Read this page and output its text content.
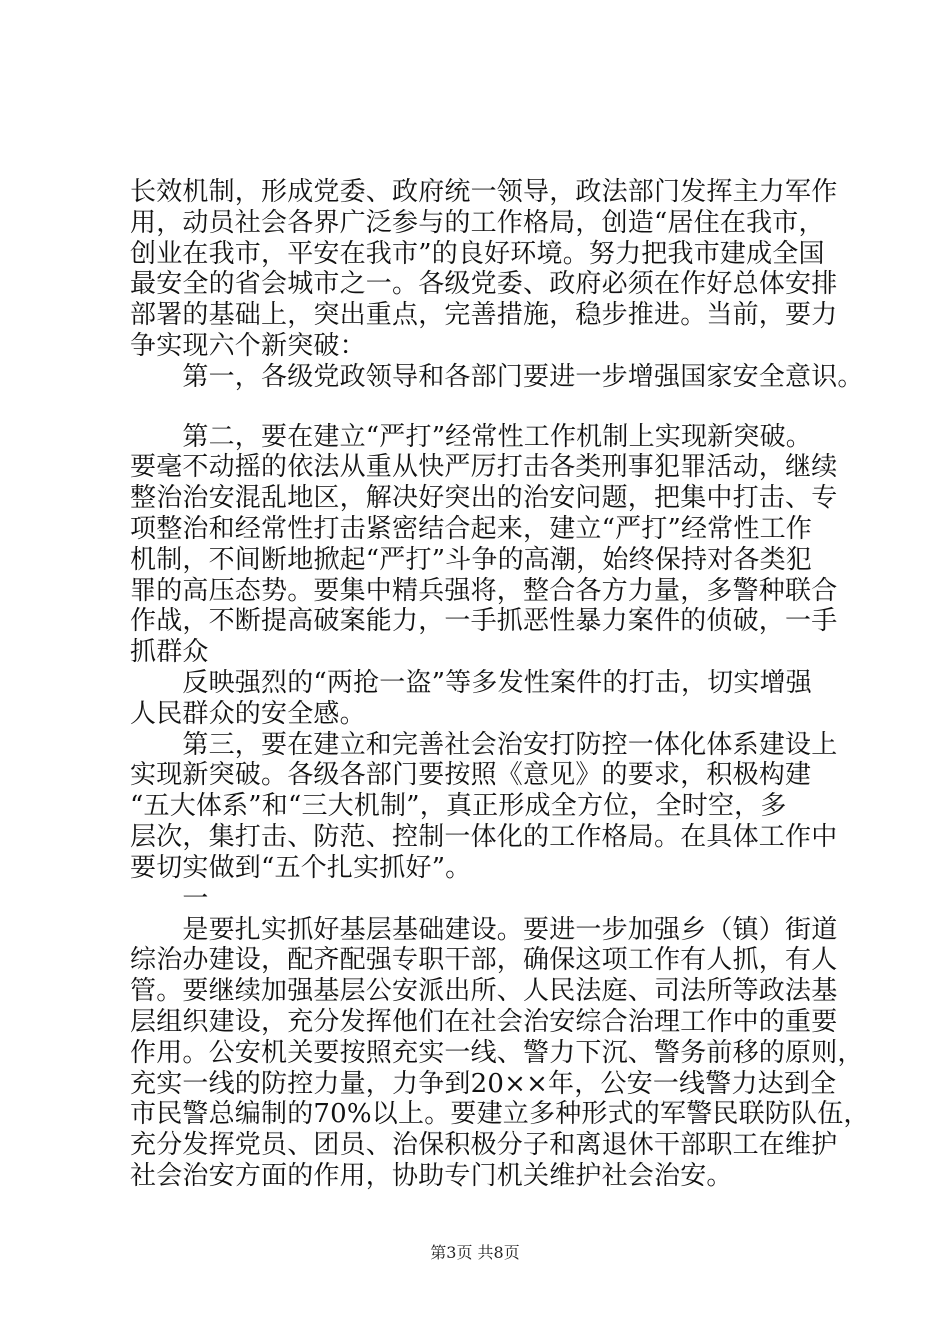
长效机制，形成党委、政府统一领导，政法部门发挥主力军作
用，动员社会各界广泛参与的工作格局，创造“居住在我市，
创业在我市，平安在我市”的良好环境。努力把我市建成全国
最安全的省会城市之一。各级党委、政府必须在作好总体安排
部署的基础上，突出重点，完善措施，稳步推进。当前，要力
争实现六个新突破：
　　第一，各级党政领导和各部门要进一步增强国家安全意识。
　　第二，要在建立“严打”经常性工作机制上实现新突破。
要毫不动摇的依法从重从快严厉打击各类刑事犯罪活动，继续
整治治安混乱地区，解决好突出的治安问题，把集中打击、专
项整治和经常性打击紧密结合起来，建立“严打”经常性工作
机制，不间断地掀起“严打”斗争的高潮，始终保持对各类犯
罪的高压态势。要集中精兵强将，整合各方力量，多警种联合
作战，不断提高破案能力，一手抓恶性暴力案件的侦破，一手
抓群众
　　反映强烈的“两抢一盗”等多发性案件的打击，切实增强
人民群众的安全感。
　　第三，要在建立和完善社会治安打防控一体化体系建设上
实现新突破。各级各部门要按照《意见》的要求，积极构建
“五大体系”和“三大机制”，真正形成全方位，全时空，多
层次，集打击、防范、控制一体化的工作格局。在具体工作中
要切实做到“五个扎实抓好”。
　　一
　　是要扎实抓好基层基础建设。要进一步加强乡（镇）街道
综治办建设，配齐配强专职干部，确保这项工作有人抓，有人
管。要继续加强基层公安派出所、人民法庭、司法所等政法基
层组织建设，充分发挥他们在社会治安综合治理工作中的重要
作用。公安机关要按照充实一线、警力下沉、警务前移的原则，
充实一线的防控力量，力争到20××年，公安一线警力达到全
市民警总编制的70%以上。要建立多种形式的军警民联防队伍，
充分发挥党员、团员、治保积极分子和离退休干部职工在维护
社会治安方面的作用，协助专门机关维护社会治安。
第3页 共8页
